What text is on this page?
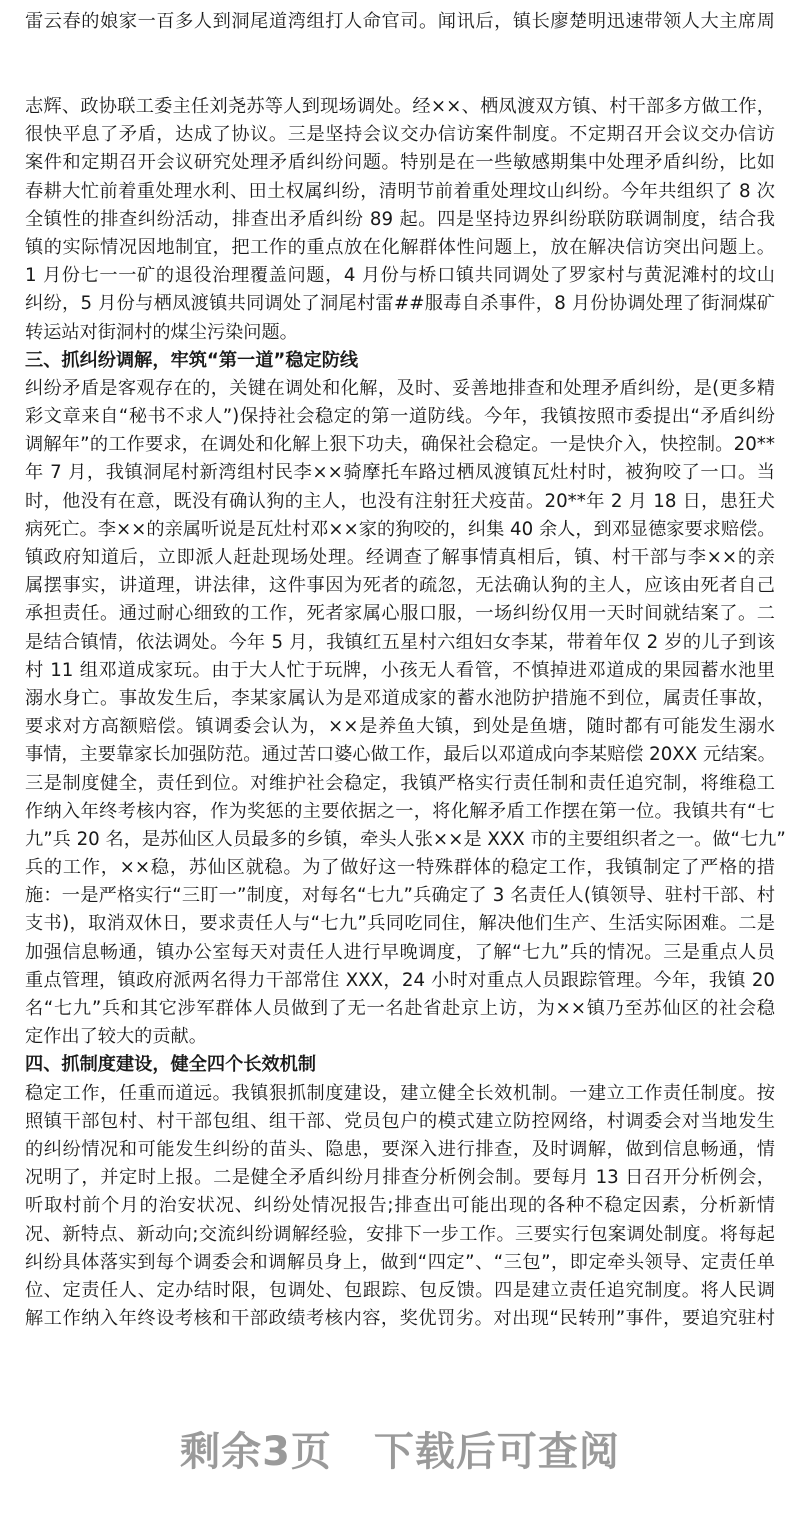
雷云春的娘家一百多人到洞尾道湾组打人命官司。闻讯后，镇长廖楚明迅速带领人大主席周
志辉、政协联工委主任刘尧苏等人到现场调处。经××、栖凤渡双方镇、村干部多方做工作，
很快平息了矛盾，达成了协议。三是坚持会议交办信访案件制度。不定期召开会议交办信访
案件和定期召开会议研究处理矛盾纠纷问题。特别是在一些敏感期集中处理矛盾纠纷，比如
春耕大忙前着重处理水利、田土权属纠纷，清明节前着重处理坟山纠纷。今年共组织了 8 次
全镇性的排查纠纷活动，排查出矛盾纠纷 89 起。四是坚持边界纠纷联防联调制度，结合我
镇的实际情况因地制宜，把工作的重点放在化解群体性问题上，放在解决信访突出问题上。
1 月份七一一矿的退役治理覆盖问题，4 月份与桥口镇共同调处了罗家村与黄泥滩村的坟山
纠纷，5 月份与栖凤渡镇共同调处了洞尾村雷##服毒自杀事件，8 月份协调处理了街洞煤矿
转运站对街洞村的煤尘污染问题。
三、抓纠纷调解，牢筑“第一道”稳定防线
纠纷矛盾是客观存在的，关键在调处和化解，及时、妥善地排查和处理矛盾纠纷，是(更多精
彩文章来自“秘书不求人”)保持社会稳定的第一道防线。今年，我镇按照市委提出“矛盾纠纷
调解年”的工作要求，在调处和化解上狠下功夫，确保社会稳定。一是快介入，快控制。20**
年 7 月，我镇洞尾村新湾组村民李××骑摩托车路过栖凤渡镇瓦灶村时，被狗咬了一口。当
时，他没有在意，既没有确认狗的主人，也没有注射狂犬疫苗。20**年 2 月 18 日，患狂犬
病死亡。李××的亲属听说是瓦灶村邓××家的狗咬的，纠集 40 余人，到邓显德家要求赔偿。
镇政府知道后，立即派人赶赴现场处理。经调查了解事情真相后，镇、村干部与李××的亲
属摆事实，讲道理，讲法律，这件事因为死者的疏忽，无法确认狗的主人，应该由死者自己
承担责任。通过耐心细致的工作，死者家属心服口服，一场纠纷仅用一天时间就结案了。二
是结合镇情，依法调处。今年 5 月，我镇红五星村六组妇女李某，带着年仅 2 岁的儿子到该
村 11 组邓道成家玩。由于大人忙于玩牌，小孩无人看管，不慎掉进邓道成的果园蓄水池里
溺水身亡。事故发生后，李某家属认为是邓道成家的蓄水池防护措施不到位，属责任事故，
要求对方高额赔偿。镇调委会认为，××是养鱼大镇，到处是鱼塘，随时都有可能发生溺水
事情，主要靠家长加强防范。通过苦口婆心做工作，最后以邓道成向李某赔偿 20XX 元结案。
三是制度健全，责任到位。对维护社会稳定，我镇严格实行责任制和责任追究制，将维稳工
作纳入年终考核内容，作为奖惩的主要依据之一，将化解矛盾工作摆在第一位。我镇共有“七
九”兵 20 名，是苏仙区人员最多的乡镇，牵头人张××是 XXX 市的主要组织者之一。做“七九”
兵的工作，××稳，苏仙区就稳。为了做好这一特殊群体的稳定工作，我镇制定了严格的措
施：一是严格实行“三盯一”制度，对每名“七九”兵确定了 3 名责任人(镇领导、驻村干部、村
支书)，取消双休日，要求责任人与“七九”兵同吃同住，解决他们生产、生活实际困难。二是
加强信息畅通，镇办公室每天对责任人进行早晚调度，了解“七九”兵的情况。三是重点人员
重点管理，镇政府派两名得力干部常住 XXX，24 小时对重点人员跟踪管理。今年，我镇 20
名“七九”兵和其它涉军群体人员做到了无一名赴省赴京上访，为××镇乃至苏仙区的社会稳
定作出了较大的贡献。
四、抓制度建设，健全四个长效机制
稳定工作，任重而道远。我镇狠抓制度建设，建立健全长效机制。一建立工作责任制度。按
照镇干部包村、村干部包组、组干部、党员包户的模式建立防控网络，村调委会对当地发生
的纠纷情况和可能发生纠纷的苗头、隐患，要深入进行排查，及时调解，做到信息畅通，情
况明了，并定时上报。二是健全矛盾纠纷月排查分析例会制。要每月 13 日召开分析例会，
听取村前个月的治安状况、纠纷处情况报告;排查出可能出现的各种不稳定因素，分析新情
况、新特点、新动向;交流纠纷调解经验，安排下一步工作。三要实行包案调处制度。将每起
纠纷具体落实到每个调委会和调解员身上，做到“四定”、“三包”，即定牵头领导、定责任单
位、定责任人、定办结时限，包调处、包跟踪、包反馈。四是建立责任追究制度。将人民调
解工作纳入年终设考核和干部政绩考核内容，奖优罚劣。对出现“民转刑”事件，要追究驻村
剩余3页 下载后可查阅
